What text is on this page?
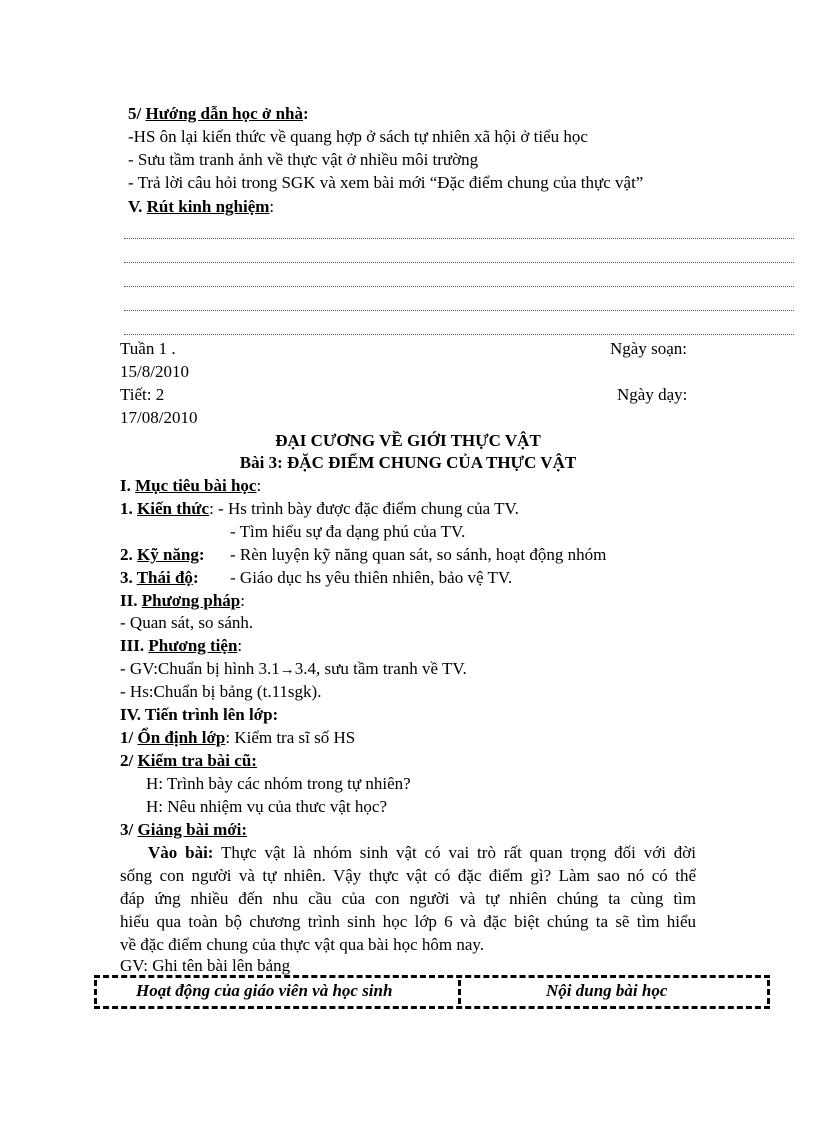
5/ Hướng dẫn học ở nhà:
-HS ôn lại kiến thức về quang hợp ở sách tự nhiên xã hội ở tiểu học
- Sưu tầm tranh ảnh về thực vật ở nhiều môi trường
- Trả lời câu hỏi trong SGK và xem bài mới “Đặc điểm chung của thực vật”
V. Rút kinh nghiệm:
Tuần 1 .	Ngày soạn:
15/8/2010
Tiết: 2	Ngày dạy:
17/08/2010
ĐẠI CƯƠNG VỀ GIỚI THỰC VẬT
Bài 3: ĐẶC ĐIỂM CHUNG CỦA THỰC VẬT
I. Mục tiêu bài học:
1. Kiến thức: - Hs trình bày được đặc điểm chung của TV.
- Tìm hiểu sự đa dạng phú của TV.
2. Kỹ năng: - Rèn luyện kỹ năng quan sát, so sánh, hoạt động nhóm
3. Thái độ: - Giáo dục hs yêu thiên nhiên, bảo vệ TV.
II. Phương pháp:
- Quan sát, so sánh.
III. Phương tiện:
- GV:Chuẩn bị hình 3.1→3.4, sưu tầm tranh về TV.
- Hs:Chuẩn bị bảng (t.11sgk).
IV. Tiến trình lên lớp:
1/ Ổn định lớp: Kiểm tra sĩ số HS
2/ Kiểm tra bài cũ:
H: Trình bày các nhóm trong tự nhiên?
H: Nêu nhiệm vụ của thưc vật học?
3/ Giảng bài mới:
Vào bài: Thực vật là nhóm sinh vật có vai trò rất quan trọng đối với đời
sống con người và tự nhiên. Vậy thực vật có đặc điểm gì? Làm sao nó có thể
đáp ứng nhiều đến nhu cầu của con người và tự nhiên chúng ta cùng tìm
hiểu qua toàn bộ chương trình sinh học lớp 6 và đặc biệt chúng ta sẽ tìm hiểu
về đặc điểm chung của thực vật qua bài học hôm nay.
GV: Ghi tên bài lên bảng
Hoạt động của giáo viên và học sinh	Nội dung bài học
